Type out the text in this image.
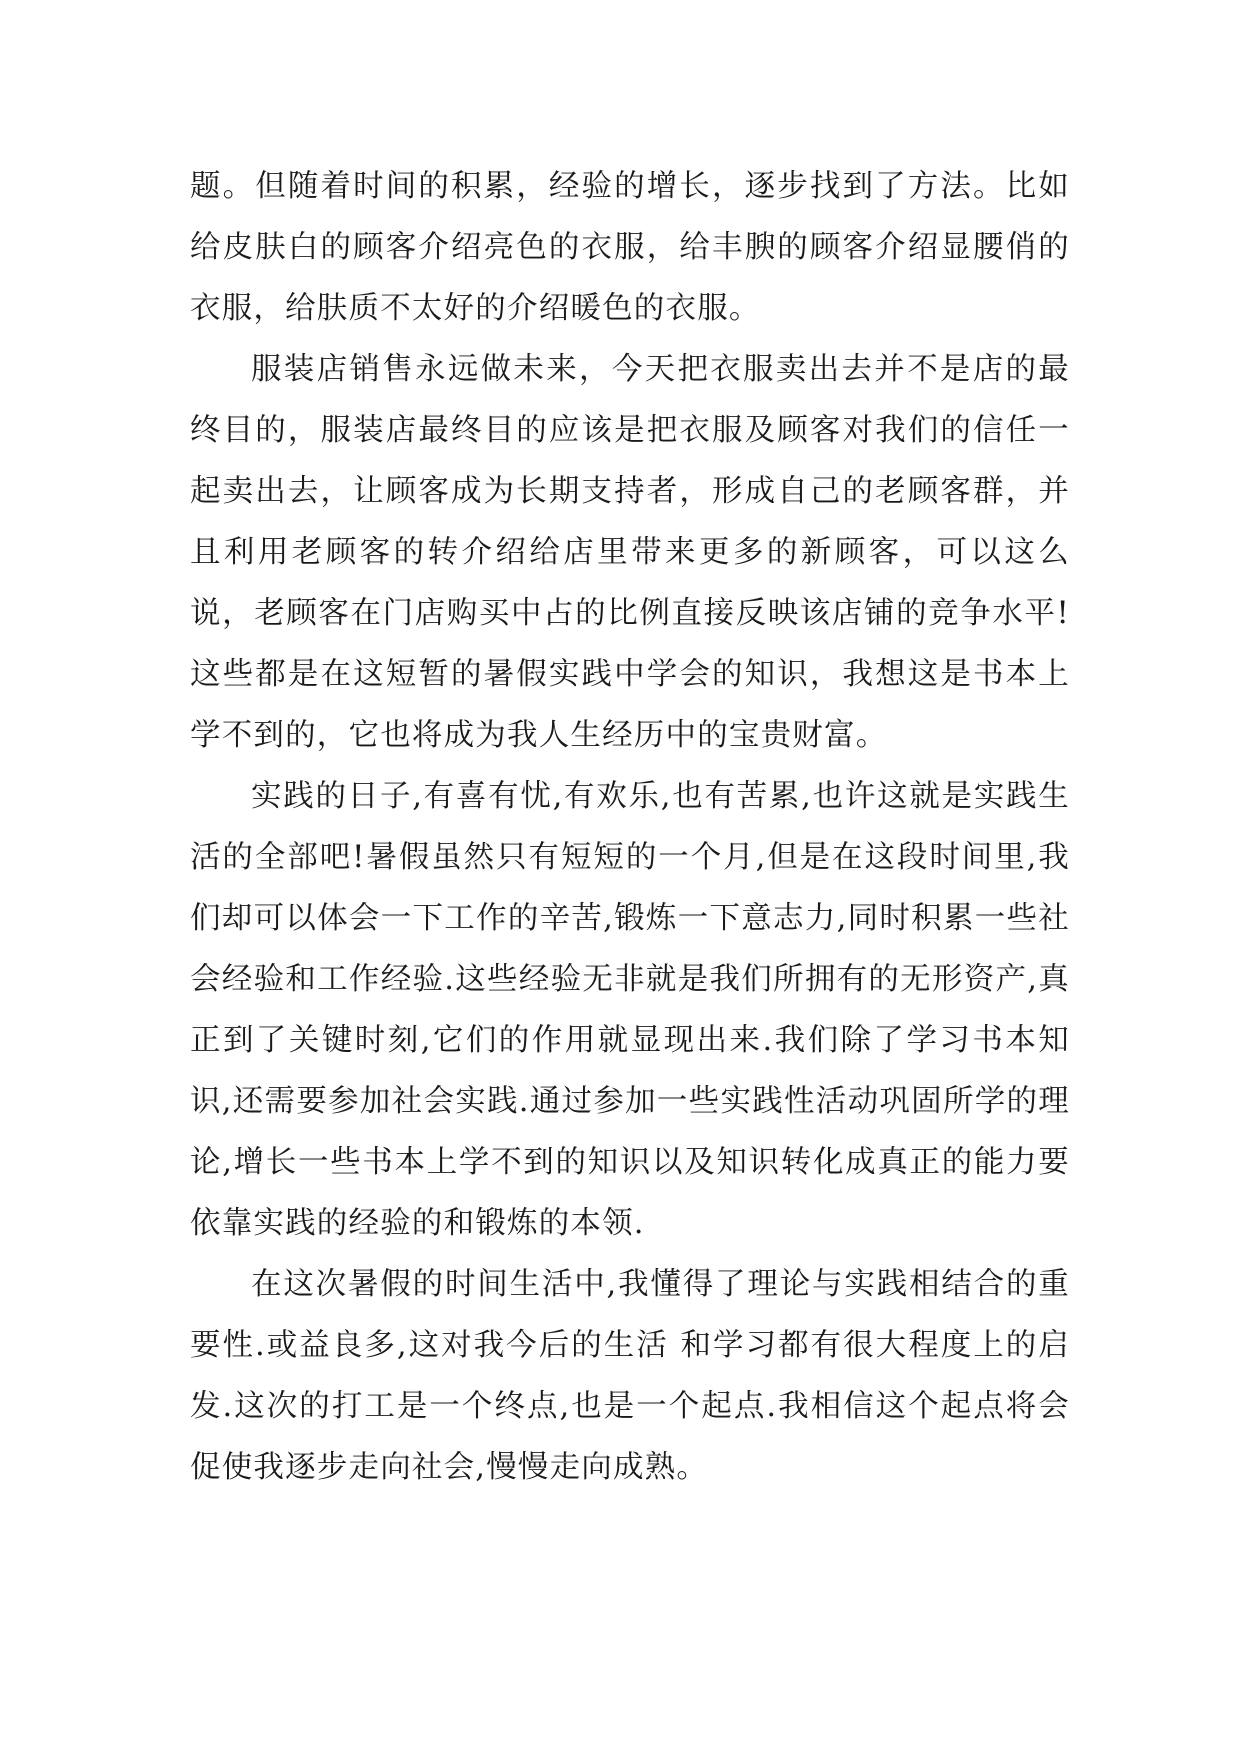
题。但随着时间的积累，经验的增长，逐步找到了方法。比如给皮肤白的顾客介绍亮色的衣服，给丰腴的顾客介绍显腰俏的衣服，给肤质不太好的介绍暖色的衣服。

服装店销售永远做未来，今天把衣服卖出去并不是店的最终目的，服装店最终目的应该是把衣服及顾客对我们的信任一起卖出去，让顾客成为长期支持者，形成自己的老顾客群，并且利用老顾客的转介绍给店里带来更多的新顾客，可以这么说，老顾客在门店购买中占的比例直接反映该店铺的竞争水平!这些都是在这短暂的暑假实践中学会的知识，我想这是书本上学不到的，它也将成为我人生经历中的宝贵财富。

实践的日子,有喜有忧,有欢乐,也有苦累,也许这就是实践生活的全部吧!暑假虽然只有短短的一个月,但是在这段时间里,我们却可以体会一下工作的辛苦,锻炼一下意志力,同时积累一些社会经验和工作经验.这些经验无非就是我们所拥有的无形资产,真正到了关键时刻,它们的作用就显现出来.我们除了学习书本知识,还需要参加社会实践.通过参加一些实践性活动巩固所学的理论,增长一些书本上学不到的知识以及知识转化成真正的能力要依靠实践的经验的和锻炼的本领.

在这次暑假的时间生活中,我懂得了理论与实践相结合的重要性.或益良多,这对我今后的生活 和学习都有很大程度上的启发.这次的打工是一个终点,也是一个起点.我相信这个起点将会促使我逐步走向社会,慢慢走向成熟。
